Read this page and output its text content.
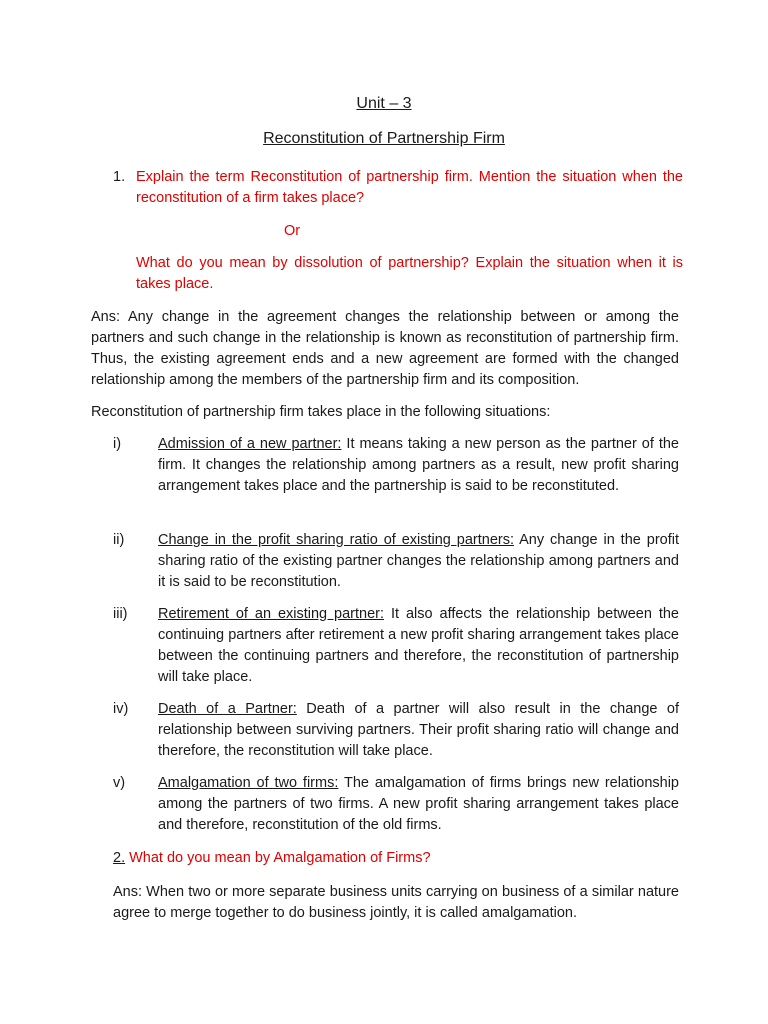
Unit – 3
Reconstitution of Partnership Firm
1. Explain the term Reconstitution of partnership firm. Mention the situation when the reconstitution of a firm takes place?
Or
What do you mean by dissolution of partnership? Explain the situation when it is takes place.
Ans: Any change in the agreement changes the relationship between or among the partners and such change in the relationship is known as reconstitution of partnership firm. Thus, the existing agreement ends and a new agreement are formed with the changed relationship among the members of the partnership firm and its composition.
Reconstitution of partnership firm takes place in the following situations:
i)	Admission of a new partner: It means taking a new person as the partner of the firm. It changes the relationship among partners as a result, new profit sharing arrangement takes place and the partnership is said to be reconstituted.
ii) Change in the profit sharing ratio of existing partners: Any change in the profit sharing ratio of the existing partner changes the relationship among partners and it is said to be reconstitution.
iii) Retirement of an existing partner: It also affects the relationship between the continuing partners after retirement a new profit sharing arrangement takes place between the continuing partners and therefore, the reconstitution of partnership will take place.
iv) Death of a Partner: Death of a partner will also result in the change of relationship between surviving partners. Their profit sharing ratio will change and therefore, the reconstitution will take place.
v) Amalgamation of two firms: The amalgamation of firms brings new relationship among the partners of two firms. A new profit sharing arrangement takes place and therefore, reconstitution of the old firms.
2. What do you mean by Amalgamation of Firms?
Ans: When two or more separate business units carrying on business of a similar nature agree to merge together to do business jointly, it is called amalgamation.
